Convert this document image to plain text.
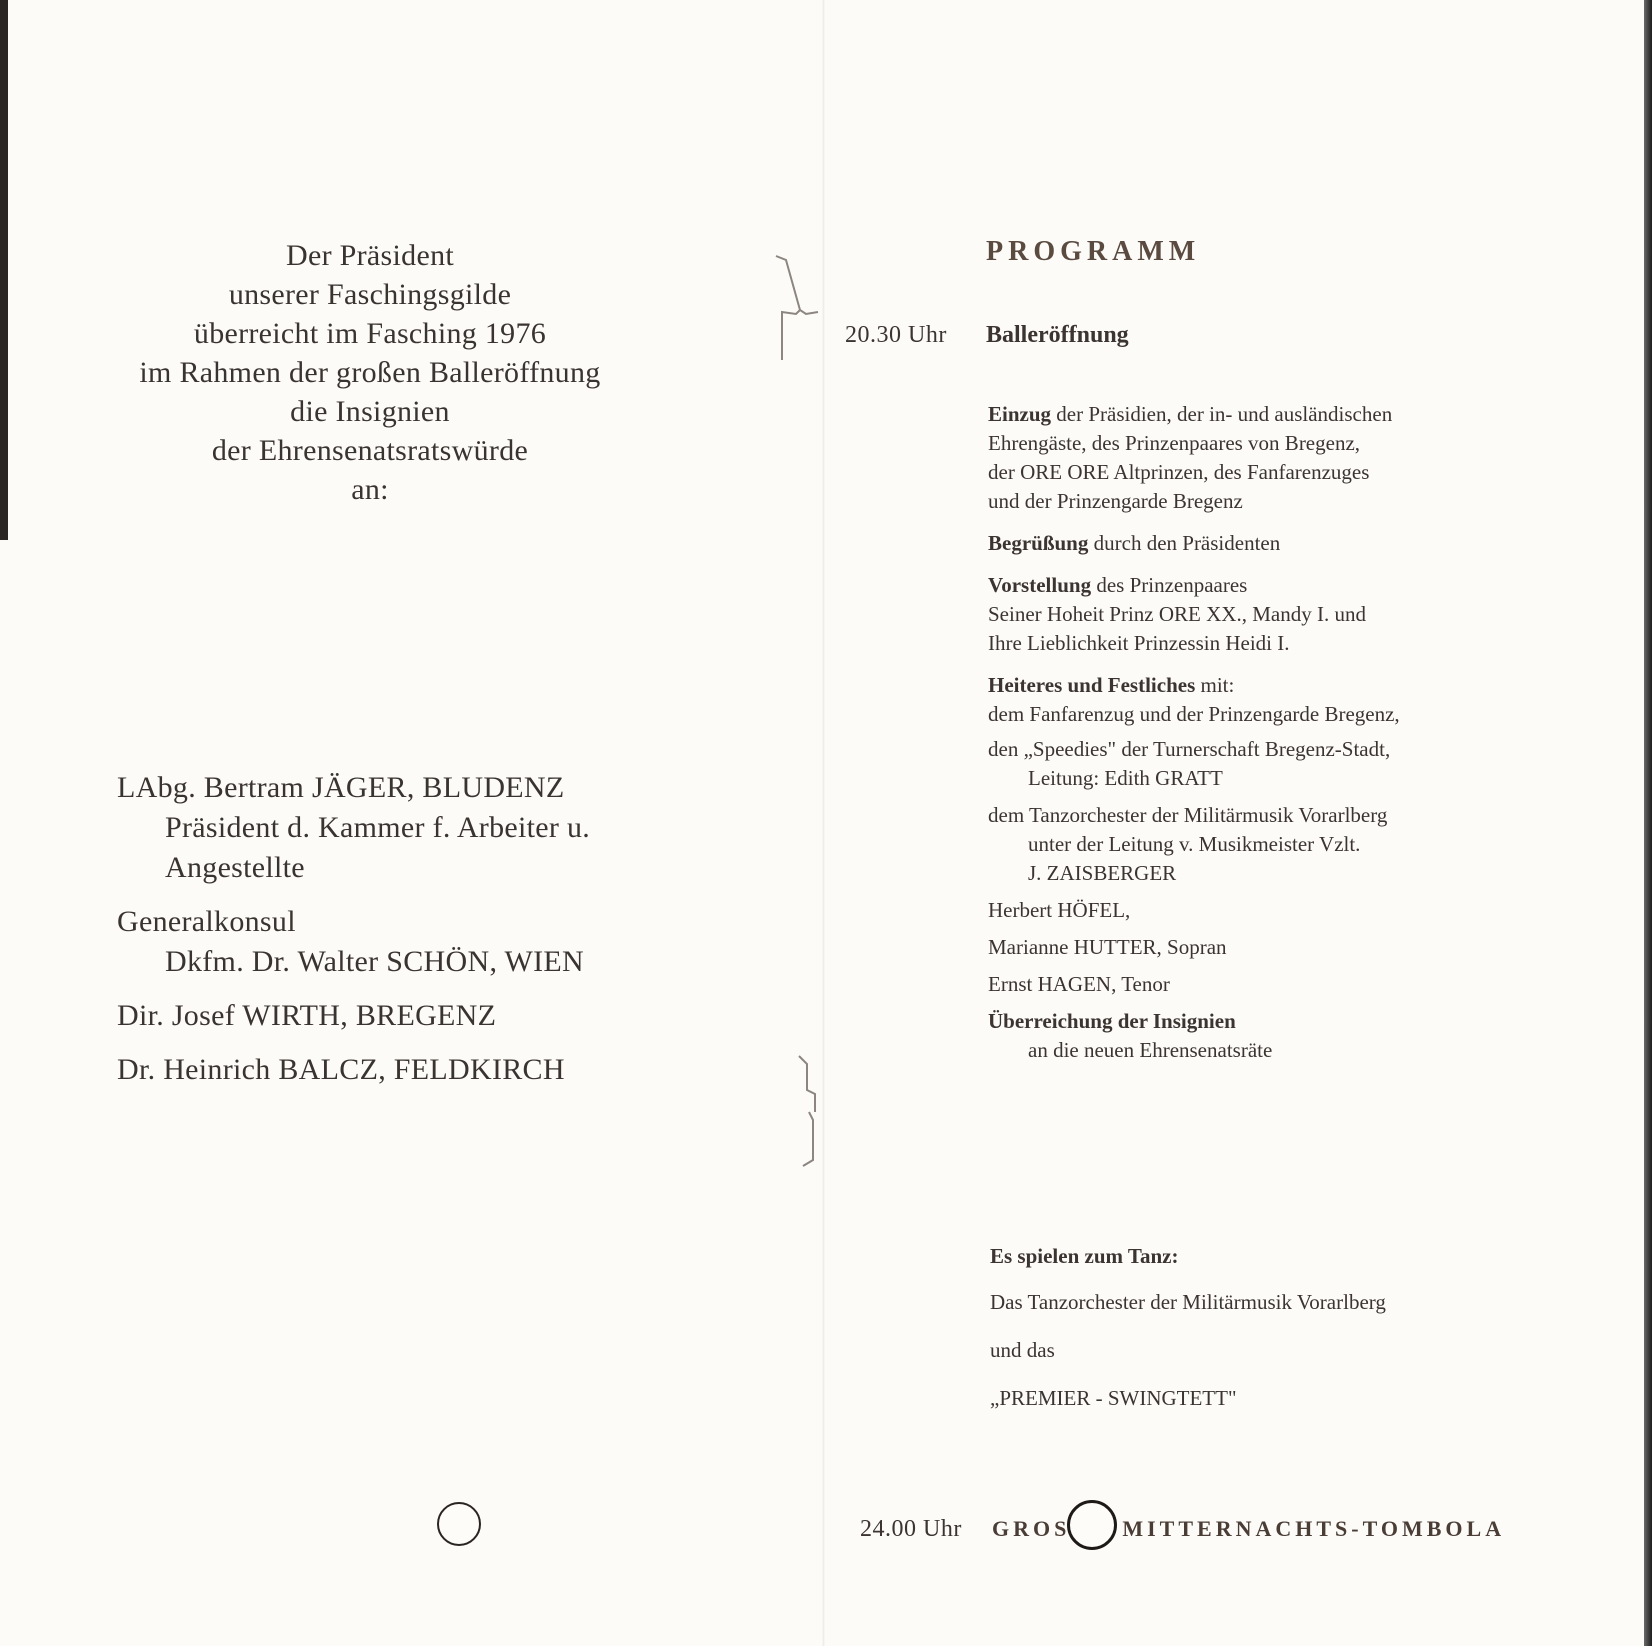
Der Präsident
unserer Faschingsgilde
überreicht im Fasching 1976
im Rahmen der großen Balleröffnung
die Insignien
der Ehrensenatsratswürde
an:
LAbg. Bertram JÄGER, BLUDENZ
Präsident d. Kammer f. Arbeiter u.
Angestellte
Generalkonsul
Dkfm. Dr. Walter SCHÖN, WIEN
Dir. Josef WIRTH, BREGENZ
Dr. Heinrich BALCZ, FELDKIRCH
PROGRAMM
20.30 Uhr Balleröffnung
Einzug der Präsidien, der in- und ausländischen
Ehrengäste, des Prinzenpaares von Bregenz,
der ORE ORE Altprinzen, des Fanfarenzuges
und der Prinzengarde Bregenz
Begrüßung durch den Präsidenten
Vorstellung des Prinzenpaares
Seiner Hoheit Prinz ORE XX., Mandy I. und
Ihre Lieblichkeit Prinzessin Heidi I.
Heiteres und Festliches mit:
dem Fanfarenzug und der Prinzengarde Bregenz,
den „Speedies" der Turnerschaft Bregenz-Stadt,
Leitung: Edith GRATT
dem Tanzorchester der Militärmusik Vorarlberg
unter der Leitung v. Musikmeister Vzlt.
J. ZAISBERGER
Herbert HÖFEL,
Marianne HUTTER, Sopran
Ernst HAGEN, Tenor
Überreichung der Insignien
an die neuen Ehrensenatsräte
Es spielen zum Tanz:
Das Tanzorchester der Militärmusik Vorarlberg
und das
„PREMIER - SWINGTETT"
24.00 Uhr GROS MITTERNACHTS-TOMBOLA
